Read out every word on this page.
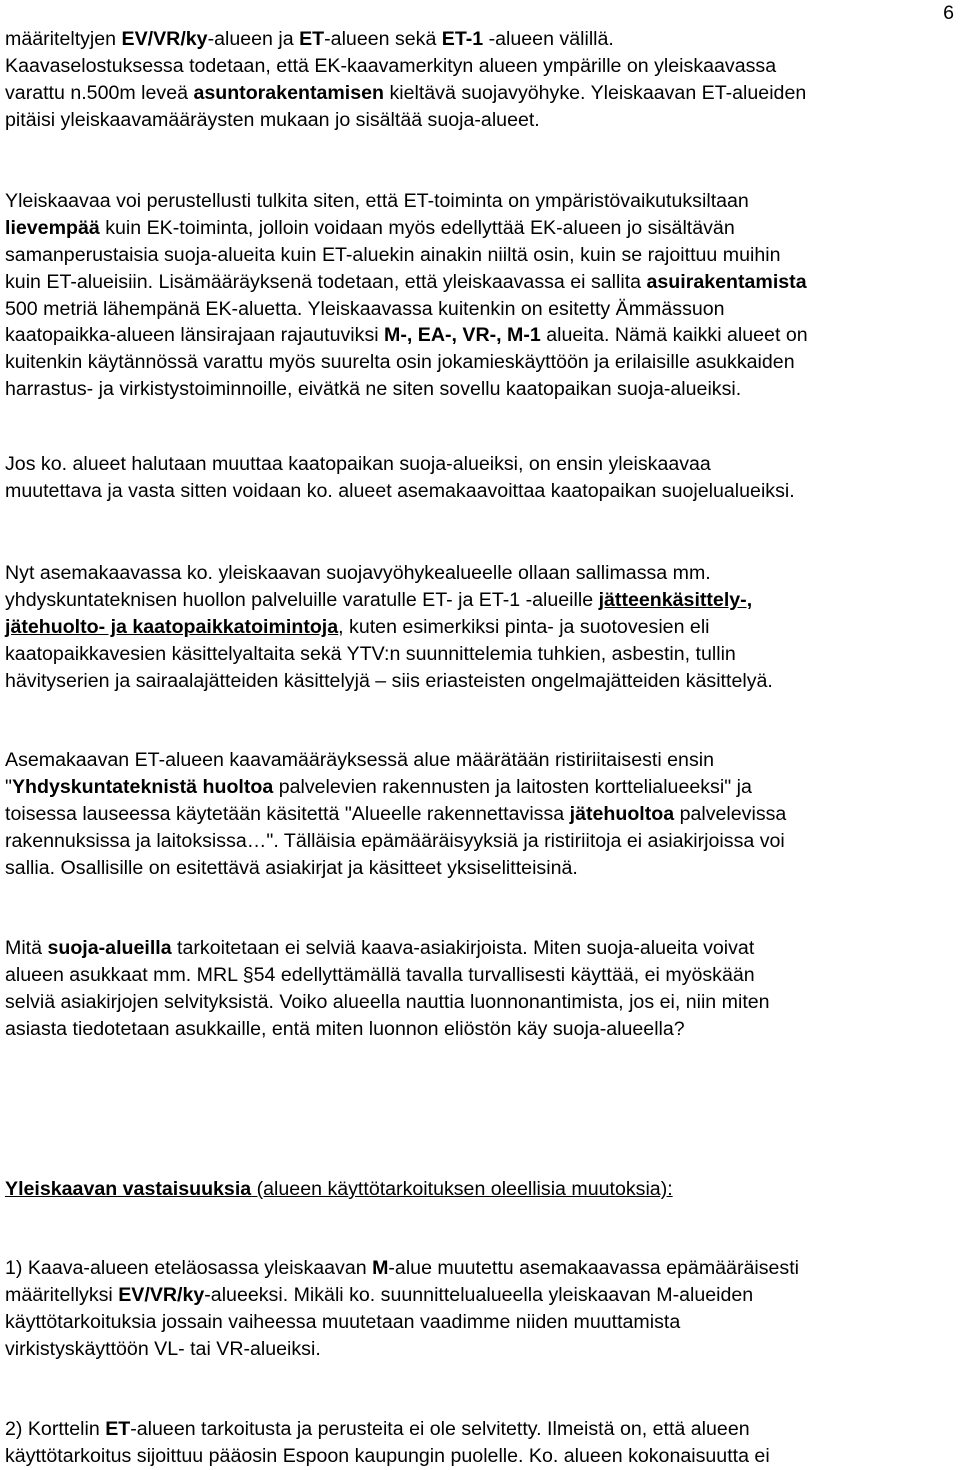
6
määriteltyjen EV/VR/ky-alueen ja ET-alueen sekä ET-1 -alueen välillä.
Kaavaselostuksessa todetaan, että EK-kaavamerkityn alueen ympärille on yleiskaavassa
varattu n.500m leveä asuntorakentamisen kieltävä suojavyöhyke. Yleiskaavan ET-alueiden
pitäisi yleiskaavamääräysten mukaan jo sisältää suoja-alueet.
Yleiskaavaa voi perustellusti tulkita siten, että ET-toiminta on ympäristövaikutuksiltaan
lievempää kuin EK-toiminta, jolloin voidaan myös edellyttää EK-alueen jo sisältävän
samanperustaisia suoja-alueita kuin ET-aluekin ainakin niiltä osin, kuin se rajoittuu muihin
kuin ET-alueisiin. Lisämääräyksenä todetaan, että yleiskaavassa ei sallita asuirakentamista
500 metriä lähempänä EK-aluetta. Yleiskaavassa kuitenkin on esitetty Ämmässuon
kaatopaikka-alueen länsirajaan rajautuviksi M-, EA-, VR-, M-1 alueita. Nämä kaikki alueet on
kuitenkin käytännössä varattu myös suurelta osin jokamieskäyttöön ja erilaisille asukkaiden
harrastus- ja virkistystoiminnoille, eivätkä ne siten sovellu kaatopaikan suoja-alueiksi.
Jos ko. alueet halutaan muuttaa kaatopaikan suoja-alueiksi, on ensin yleiskaavaa
muutettava ja vasta sitten voidaan ko. alueet asemakaavoittaa kaatopaikan suojelualueiksi.
Nyt asemakaavassa ko. yleiskaavan suojavyöhykealueelle ollaan sallimassa mm.
yhdyskuntateknisen huollon palveluille varatulle ET- ja ET-1 -alueille jätteenkäsittely-,
jätehuolto- ja kaatopaikkatoimintoja, kuten esimerkiksi pinta- ja suotovesien eli
kaatopaikkavesien käsittelyaltaita sekä YTV:n suunnittelemia tuhkien, asbestin, tullin
hävityserien ja sairaalajätteiden käsittelyjä – siis eriasteisten ongelmajätteiden käsittelyä.
Asemakaavan ET-alueen kaavamääräyksessä alue määrätään ristiriitaisesti ensin
"Yhdyskuntateknistä huoltoa palvelevien rakennusten ja laitosten korttelialueeksi" ja
toisessa lauseessa käytetään käsitettä "Alueelle rakennettavissa jätehuoltoa palvelevissa
rakennuksissa ja laitoksissa…". Tälläisia epämääräisyyksiä ja ristiriitoja ei asiakirjoissa voi
sallia. Osallisille on esitettävä asiakirjat ja käsitteet yksiselitteisinä.
Mitä suoja-alueilla tarkoitetaan ei selviä kaava-asiakirjoista. Miten suoja-alueita voivat
alueen asukkaat mm. MRL §54 edellyttämällä tavalla turvallisesti käyttää, ei myöskään
selviä asiakirjojen selvityksistä. Voiko alueella nauttia luonnonantimista, jos ei, niin miten
asiasta tiedotetaan asukkaille, entä miten luonnon eliöstön käy suoja-alueella?
Yleiskaavan vastaisuuksia (alueen käyttötarkoituksen oleellisia muutoksia):
1) Kaava-alueen eteläosassa yleiskaavan M-alue muutettu asemakaavassa epämääräisesti
määritellyksi EV/VR/ky-alueeksi. Mikäli ko. suunnittelualueella yleiskaavan M-alueiden
käyttötarkoituksia jossain vaiheessa muutetaan vaadimme niiden muuttamista
virkistyskäyttöön VL- tai VR-alueiksi.
2) Korttelin ET-alueen tarkoitusta ja perusteita ei ole selvitetty. Ilmeistä on, että alueen
käyttötarkoitus sijoittuu pääosin Espoon kaupungin puolelle. Ko. alueen kokonaisuutta ei
